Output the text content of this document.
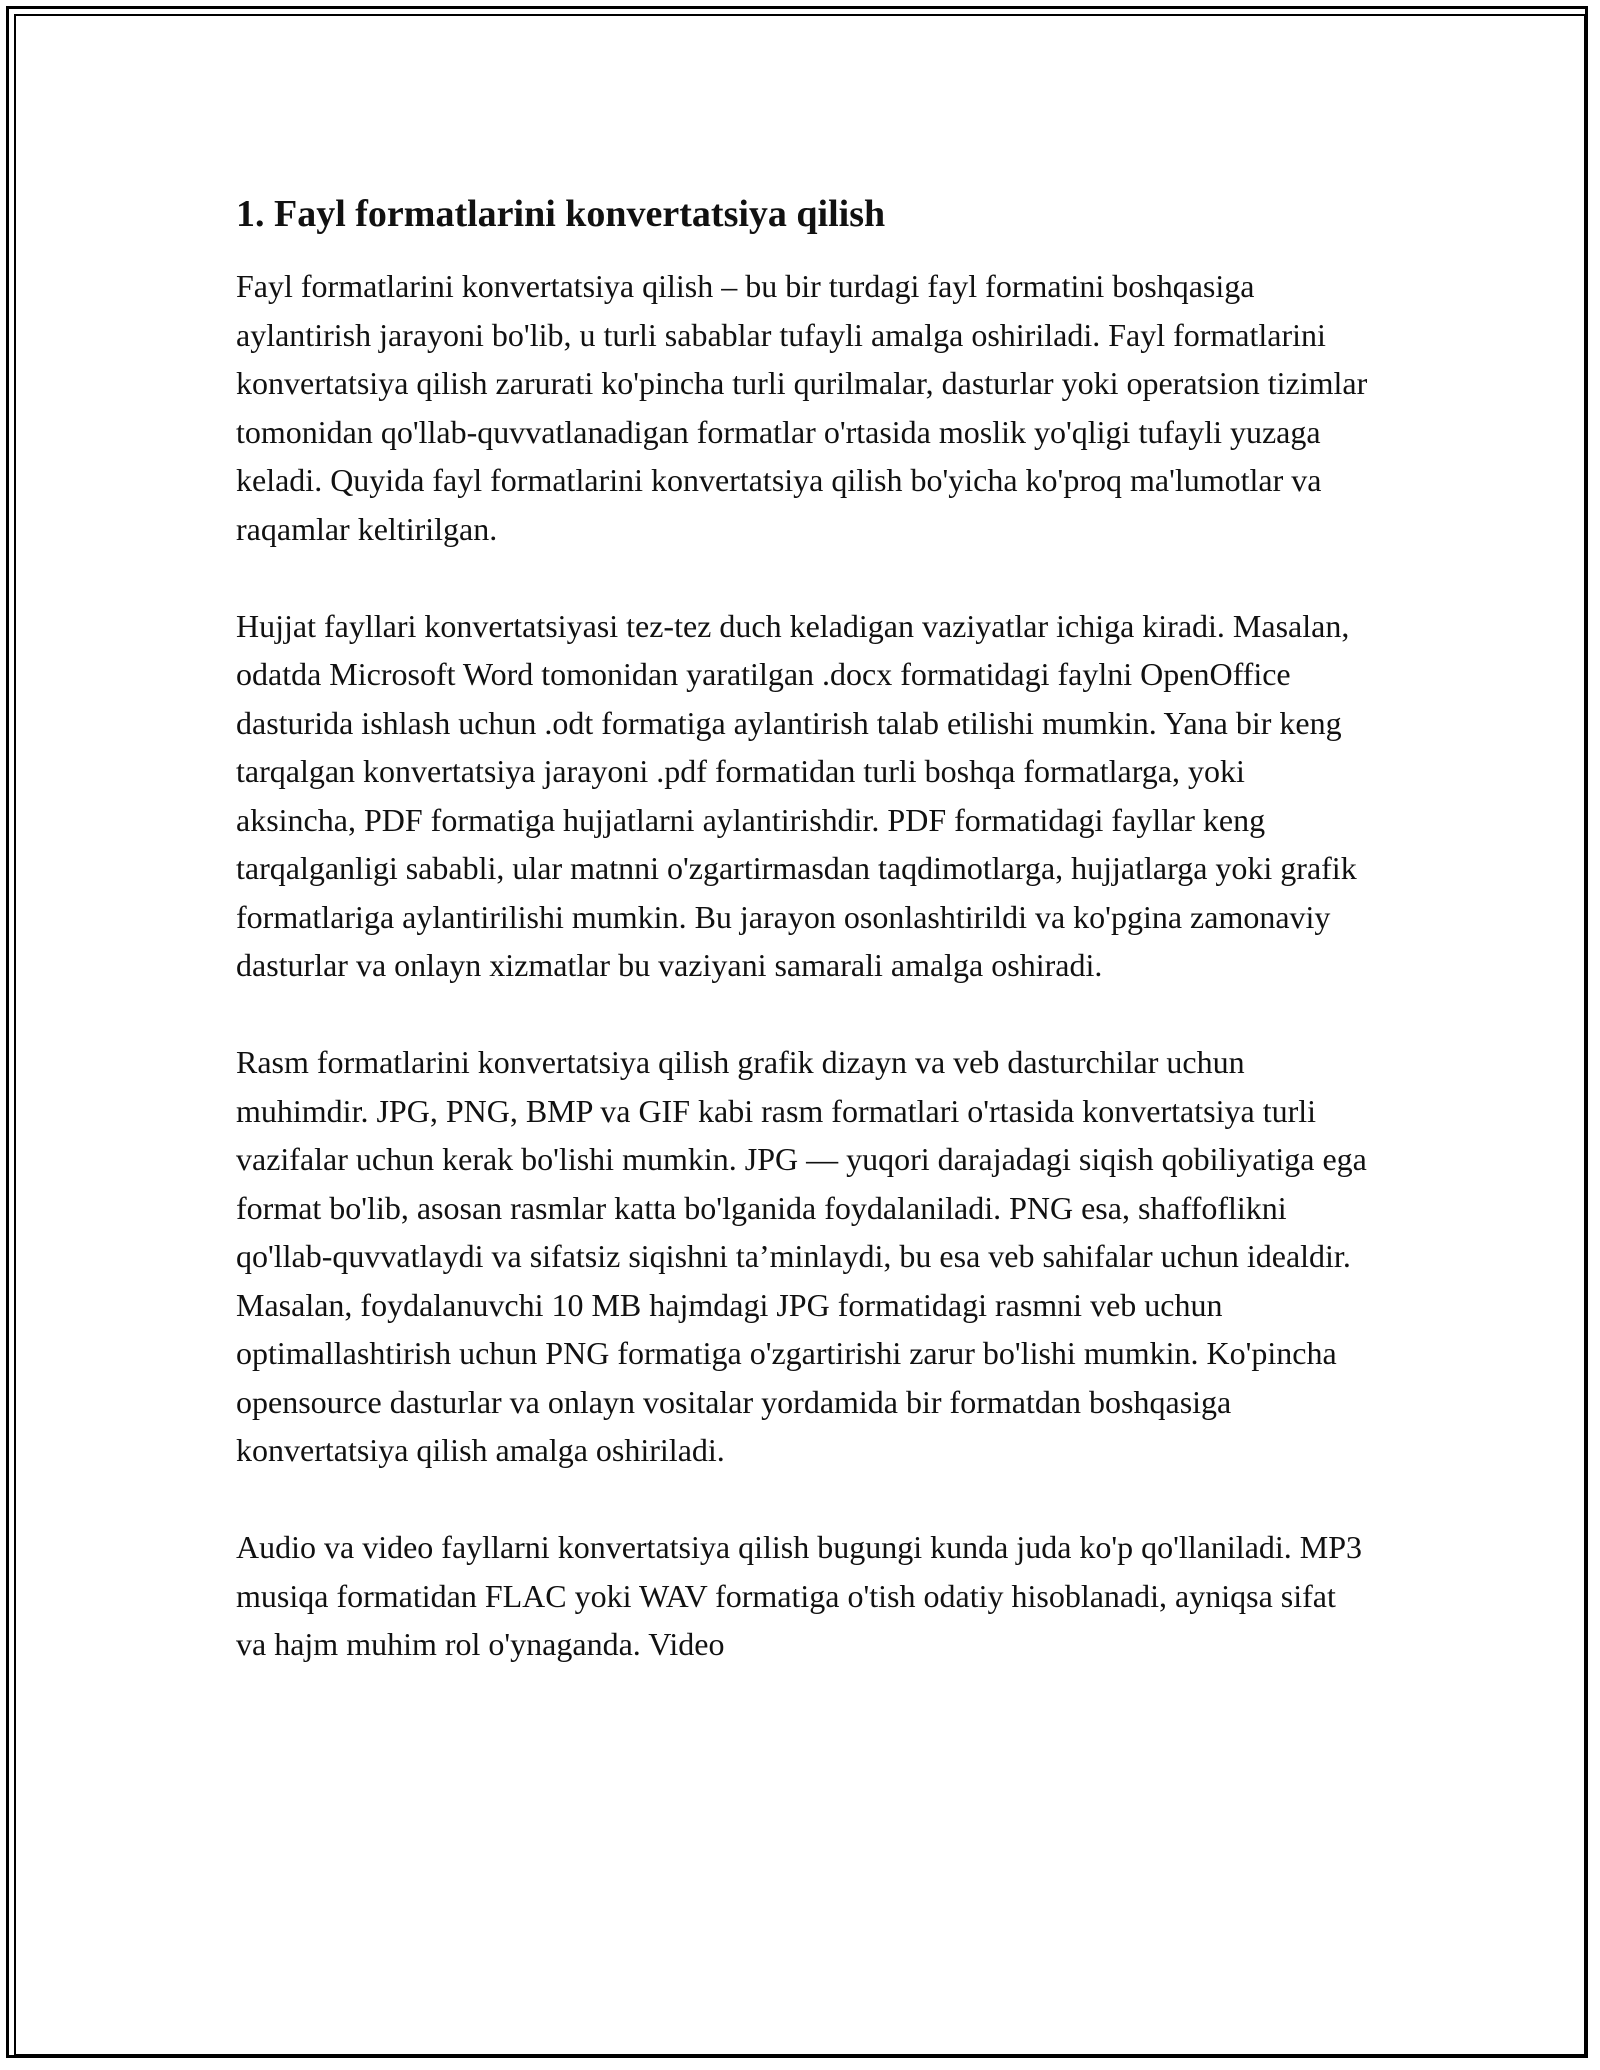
1. Fayl formatlarini konvertatsiya qilish

Fayl formatlarini konvertatsiya qilish – bu bir turdagi fayl formatini boshqasiga aylantirish jarayoni bo'lib, u turli sabablar tufayli amalga oshiriladi. Fayl formatlarini konvertatsiya qilish zarurati ko'pincha turli qurilmalar, dasturlar yoki operatsion tizimlar tomonidan qo'llab-quvvatlanadigan formatlar o'rtasida moslik yo'qligi tufayli yuzaga keladi. Quyida fayl formatlarini konvertatsiya qilish bo'yicha ko'proq ma'lumotlar va raqamlar keltirilgan.

Hujjat fayllari konvertatsiyasi tez-tez duch keladigan vaziyatlar ichiga kiradi. Masalan, odatda Microsoft Word tomonidan yaratilgan .docx formatidagi faylni OpenOffice dasturida ishlash uchun .odt formatiga aylantirish talab etilishi mumkin. Yana bir keng tarqalgan konvertatsiya jarayoni .pdf formatidan turli boshqa formatlarga, yoki aksincha, PDF formatiga hujjatlarni aylantirishdir. PDF formatidagi fayllar keng tarqalganligi sababli, ular matnni o'zgartirmasdan taqdimotlarga, hujjatlarga yoki grafik formatlariga aylantirilishi mumkin. Bu jarayon osonlashtirildi va ko'pgina zamonaviy dasturlar va onlayn xizmatlar bu vaziyani samarali amalga oshiradi.

Rasm formatlarini konvertatsiya qilish grafik dizayn va veb dasturchilar uchun muhimdir. JPG, PNG, BMP va GIF kabi rasm formatlari o'rtasida konvertatsiya turli vazifalar uchun kerak bo'lishi mumkin. JPG — yuqori darajadagi siqish qobiliyatiga ega format bo'lib, asosan rasmlar katta bo'lganida foydalaniladi. PNG esa, shaffoflikni qo'llab-quvvatlaydi va sifatsiz siqishni ta’minlaydi, bu esa veb sahifalar uchun idealdir. Masalan, foydalanuvchi 10 MB hajmdagi JPG formatidagi rasmni veb uchun optimallashtirish uchun PNG formatiga o'zgartirishi zarur bo'lishi mumkin. Ko'pincha opensource dasturlar va onlayn vositalar yordamida bir formatdan boshqasiga konvertatsiya qilish amalga oshiriladi.

Audio va video fayllarni konvertatsiya qilish bugungi kunda juda ko'p qo'llaniladi. MP3 musiqa formatidan FLAC yoki WAV formatiga o'tish odatiy hisoblanadi, ayniqsa sifat va hajm muhim rol o'ynaganda. Video
